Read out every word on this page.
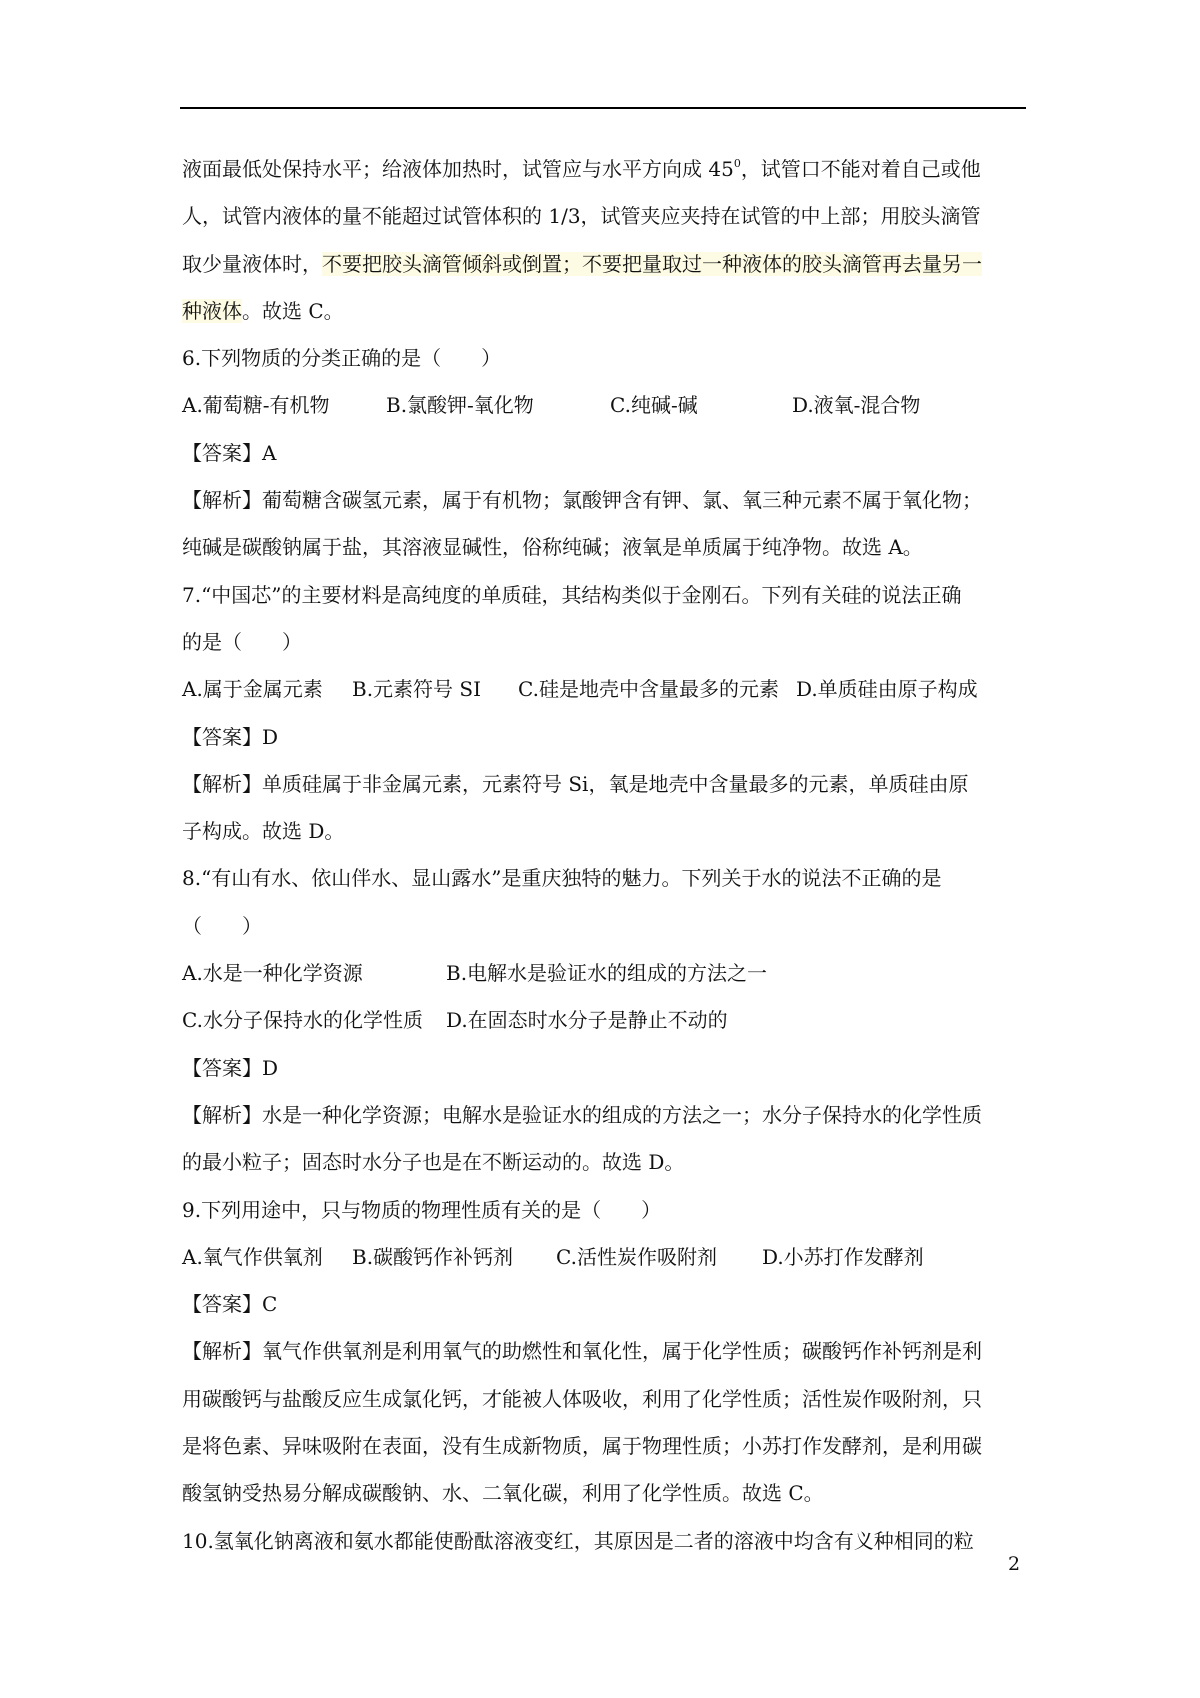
液面最低处保持水平；给液体加热时，试管应与水平方向成 $45^0$，试管口不能对着自己或他
人，试管内液体的量不能超过试管体积的 1/3，试管夹应夹持在试管的中上部；用胶头滴管
取少量液体时，不要把胶头滴管倾斜或倒置；不要把量取过一种液体的胶头滴管再去量另一
种液体。故选 C。
6.下列物质的分类正确的是（　　）
A.葡萄糖-有机物	B.氯酸钾-氧化物	C.纯碱-碱	D.液氧-混合物
【答案】A
【解析】葡萄糖含碳氢元素，属于有机物；氯酸钾含有钾、氯、氧三种元素不属于氧化物；
纯碱是碳酸钠属于盐，其溶液显碱性，俗称纯碱；液氧是单质属于纯净物。故选 A。
7.“中国芯”的主要材料是高纯度的单质硅，其结构类似于金刚石。下列有关硅的说法正确
的是（　　）
A.属于金属元素	B.元素符号 SI	C.硅是地壳中含量最多的元素 D.单质硅由原子构成
【答案】D
【解析】单质硅属于非金属元素，元素符号 Si，氧是地壳中含量最多的元素，单质硅由原
子构成。故选 D。
8.“有山有水、依山伴水、显山露水”是重庆独特的魅力。下列关于水的说法不正确的是
（　　）
A.水是一种化学资源	B.电解水是验证水的组成的方法之一
C.水分子保持水的化学性质	D.在固态时水分子是静止不动的
【答案】D
【解析】水是一种化学资源；电解水是验证水的组成的方法之一；水分子保持水的化学性质
的最小粒子；固态时水分子也是在不断运动的。故选 D。
9.下列用途中，只与物质的物理性质有关的是（　　）
A.氧气作供氧剂	B.碳酸钙作补钙剂	C.活性炭作吸附剂	D.小苏打作发酵剂
【答案】C
【解析】氧气作供氧剂是利用氧气的助燃性和氧化性，属于化学性质；碳酸钙作补钙剂是利
用碳酸钙与盐酸反应生成氯化钙，才能被人体吸收，利用了化学性质；活性炭作吸附剂，只
是将色素、异味吸附在表面，没有生成新物质，属于物理性质；小苏打作发酵剂，是利用碳
酸氢钠受热易分解成碳酸钠、水、二氧化碳，利用了化学性质。故选 C。
10.氢氧化钠离液和氨水都能使酚酞溶液变红，其原因是二者的溶液中均含有义种相同的粒
2
